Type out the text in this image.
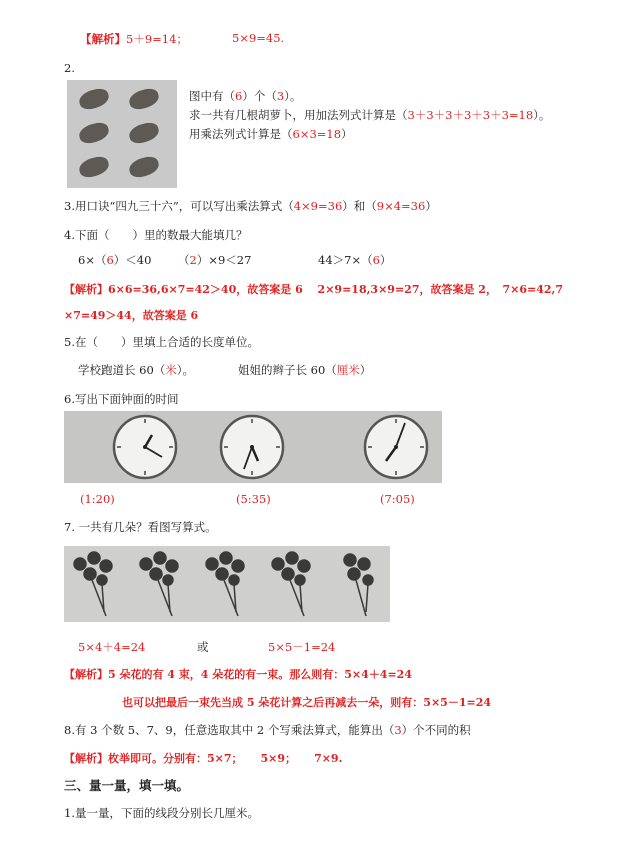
【解析】5＋9=14；	5×9=45.
2.
图中有（6）个（3）。
求一共有几根胡萝卜，用加法列式计算是（3＋3＋3＋3＋3＋3=18）。
用乘法列式计算是（6×3=18）
3.用口诀“四九三十六”，可以写出乘法算式（4×9=36）和（9×4=36）
4.下面（　　）里的数最大能填几？
6×（6）＜40 （2）×9＜27	44＞7×（6）
【解析】6×6=36,6×7=42＞40，故答案是 6　 2×9=18,3×9=27，故答案是 2，　7×6=42,7
×7=49＞44，故答案是 6
5.在（　　）里填上合适的长度单位。
学校跑道长 60（米）。	姐姐的辫子长 60（厘米）
6.写出下面钟面的时间
(1:20)	(5:35)	(7:05)
7. 一共有几朵？看图写算式。
5×4＋4=24	或	5×5－1=24
【解析】5 朵花的有 4 束，4 朵花的有一束。那么则有：5×4＋4=24
也可以把最后一束先当成 5 朵花计算之后再减去一朵，则有：5×5－1=24
8.有 3 个数 5、7、9，任意选取其中 2 个写乘法算式，能算出（3）个不同的积
【解析】枚举即可。分别有：5×7； 5×9； 7×9.
三、量一量，填一填。
1.量一量，下面的线段分别长几厘米。
